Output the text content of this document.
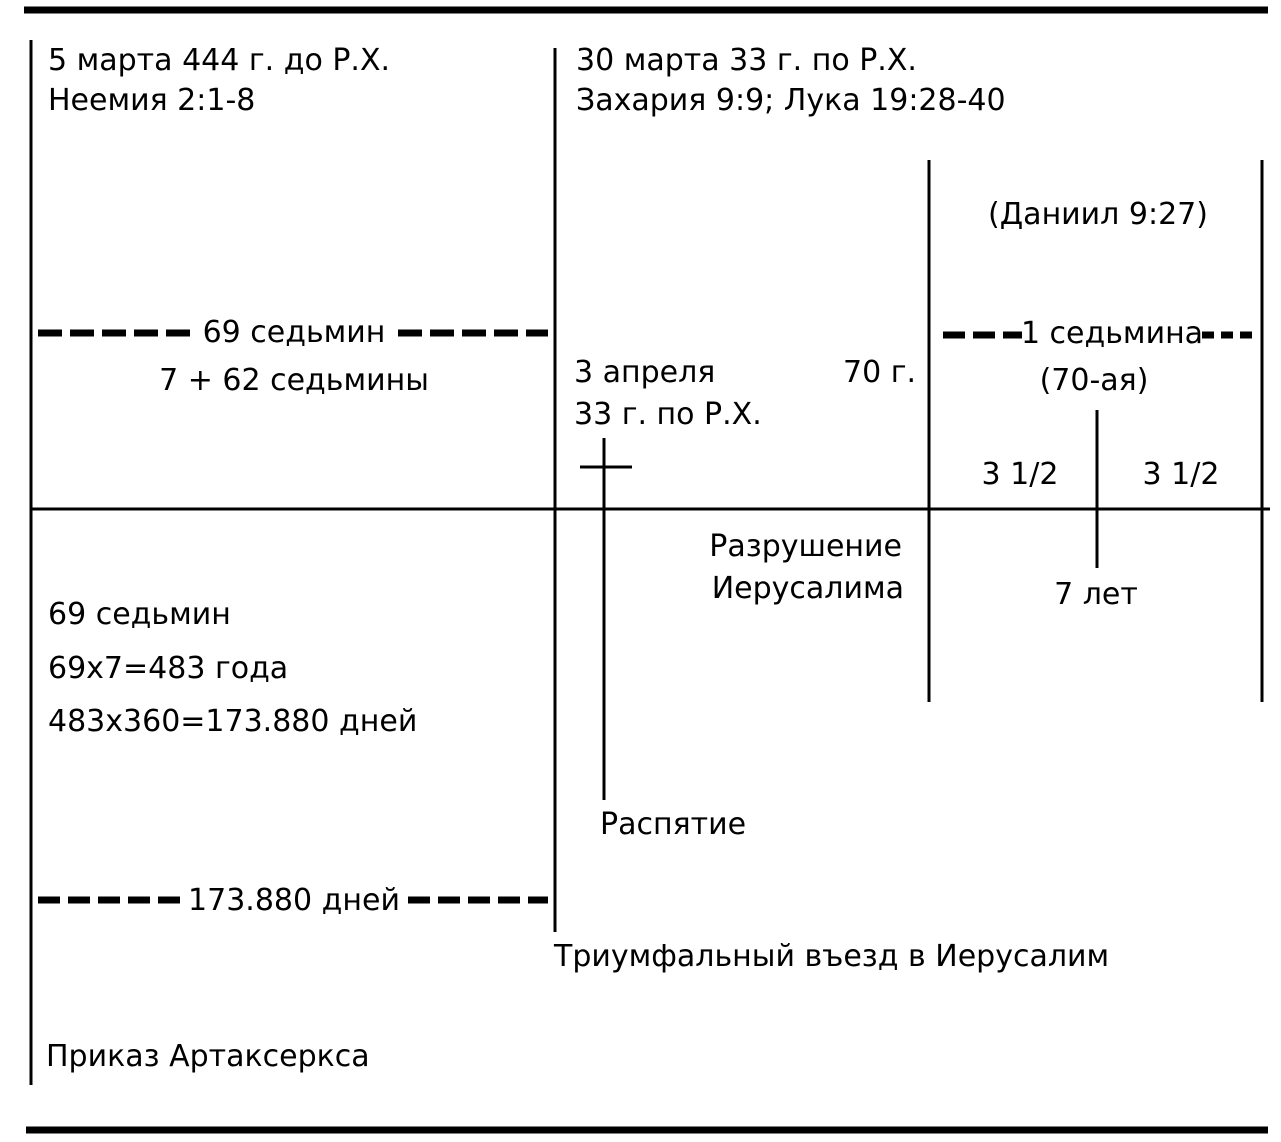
5 марта 444 г. до Р.Х.
Неемия 2:1-8
30 марта 33 г. по Р.Х.
Захария 9:9; Лука 19:28-40
(Даниил 9:27)
69 седьмин
7 + 62 седьмины	3 апреля
33 г. по Р.Х.
70 г.
1 седьмина
(70-ая)
3 1/2	3 1/2
Разрушение
Иерусалима	7 лет
69 седьмин
69x7=483 года
483x360=173.880 дней
Распятие
173.880 дней
Триумфальный въезд в Иерусалим
Приказ Артаксеркса
